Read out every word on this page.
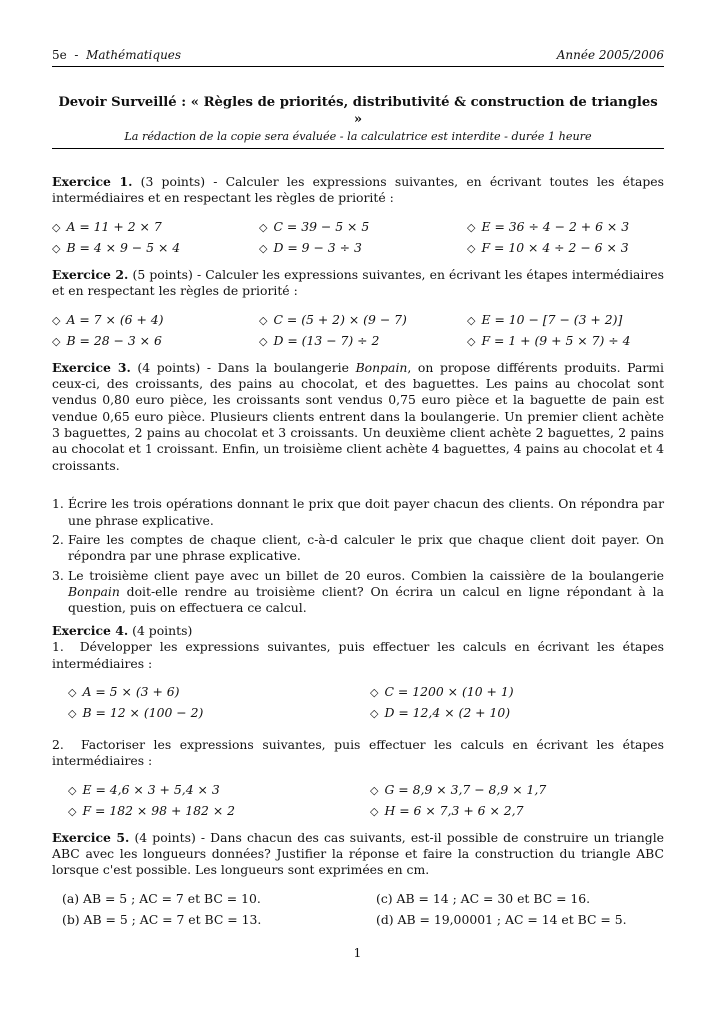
5e - Mathématiques	Année 2005/2006
Devoir Surveillé : « Règles de priorités, distributivité & construction de triangles »
La rédaction de la copie sera évaluée - la calculatrice est interdite - durée 1 heure

Exercice 1. (3 points) - Calculer les expressions suivantes, en écrivant toutes les étapes intermédiaires et en respectant les règles de priorité :

◇ A = 11 + 2 × 7	◇ C = 39 − 5 × 5	◇ E = 36 ÷ 4 − 2 + 6 × 3
◇ B = 4 × 9 − 5 × 4	◇ D = 9 − 3 ÷ 3	◇ F = 10 × 4 ÷ 2 − 6 × 3

Exercice 2. (5 points) - Calculer les expressions suivantes, en écrivant les étapes intermédiaires et en respectant les règles de priorité :

◇ A = 7 × (6 + 4)	◇ C = (5 + 2) × (9 − 7)	◇ E = 10 − [7 − (3 + 2)]
◇ B = 28 − 3 × 6	◇ D = (13 − 7) ÷ 2	◇ F = 1 + (9 + 5 × 7) ÷ 4

Exercice 3. (4 points) - Dans la boulangerie Bonpain, on propose différents produits. Parmi ceux-ci, des croissants, des pains au chocolat, et des baguettes. Les pains au chocolat sont vendus 0,80 euro pièce, les croissants sont vendus 0,75 euro pièce et la baguette de pain est vendue 0,65 euro pièce. Plusieurs clients entrent dans la boulangerie. Un premier client achète 3 baguettes, 2 pains au chocolat et 3 croissants. Un deuxième client achète 2 baguettes, 2 pains au chocolat et 1 croissant. Enfin, un troisième client achète 4 baguettes, 4 pains au chocolat et 4 croissants.

1. Écrire les trois opérations donnant le prix que doit payer chacun des clients. On répondra par une phrase explicative.
2. Faire les comptes de chaque client, c-à-d calculer le prix que chaque client doit payer. On répondra par une phrase explicative.
3. Le troisième client paye avec un billet de 20 euros. Combien la caissière de la boulangerie Bonpain doit-elle rendre au troisième client? On écrira un calcul en ligne répondant à la question, puis on effectuera ce calcul.

Exercice 4. (4 points)

1. Développer les expressions suivantes, puis effectuer les calculs en écrivant les étapes intermédiaires :

◇ A = 5 × (3 + 6)	◇ C = 1200 × (10 + 1)
◇ B = 12 × (100 − 2)	◇ D = 12,4 × (2 + 10)

2. Factoriser les expressions suivantes, puis effectuer les calculs en écrivant les étapes intermédiaires :

◇ E = 4,6 × 3 + 5,4 × 3	◇ G = 8,9 × 3,7 − 8,9 × 1,7
◇ F = 182 × 98 + 182 × 2	◇ H = 6 × 7,3 + 6 × 2,7

Exercice 5. (4 points) - Dans chacun des cas suivants, est-il possible de construire un triangle ABC avec les longueurs données? Justifier la réponse et faire la construction du triangle ABC lorsque c'est possible. Les longueurs sont exprimées en cm.

(a) AB = 5 ; AC = 7 et BC = 10.	(c) AB = 14 ; AC = 30 et BC = 16.
(b) AB = 5 ; AC = 7 et BC = 13.	(d) AB = 19,00001 ; AC = 14 et BC = 5.
1
